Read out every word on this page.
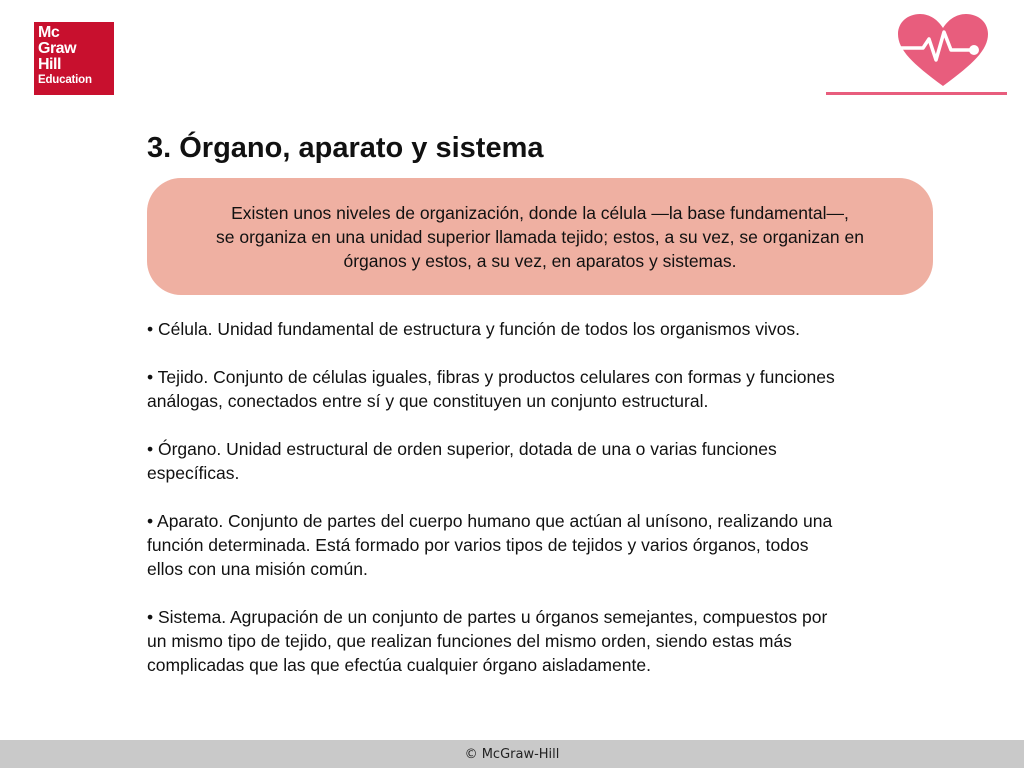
Mc
Graw
Hill
Education
3. Órgano, aparato y sistema

Existen unos niveles de organización, donde la célula —la base fundamental—,
se organiza en una unidad superior llamada tejido; estos, a su vez, se organizan en
órganos y estos, a su vez, en aparatos y sistemas.

• Célula. Unidad fundamental de estructura y función de todos los organismos vivos.

• Tejido. Conjunto de células iguales, fibras y productos celulares con formas y funciones
análogas, conectados entre sí y que constituyen un conjunto estructural.

• Órgano. Unidad estructural de orden superior, dotada de una o varias funciones
específicas.

• Aparato. Conjunto de partes del cuerpo humano que actúan al unísono, realizando una
función determinada. Está formado por varios tipos de tejidos y varios órganos, todos
ellos con una misión común.

• Sistema. Agrupación de un conjunto de partes u órganos semejantes, compuestos por
un mismo tipo de tejido, que realizan funciones del mismo orden, siendo estas más
complicadas que las que efectúa cualquier órgano aisladamente.

© McGraw-Hill
